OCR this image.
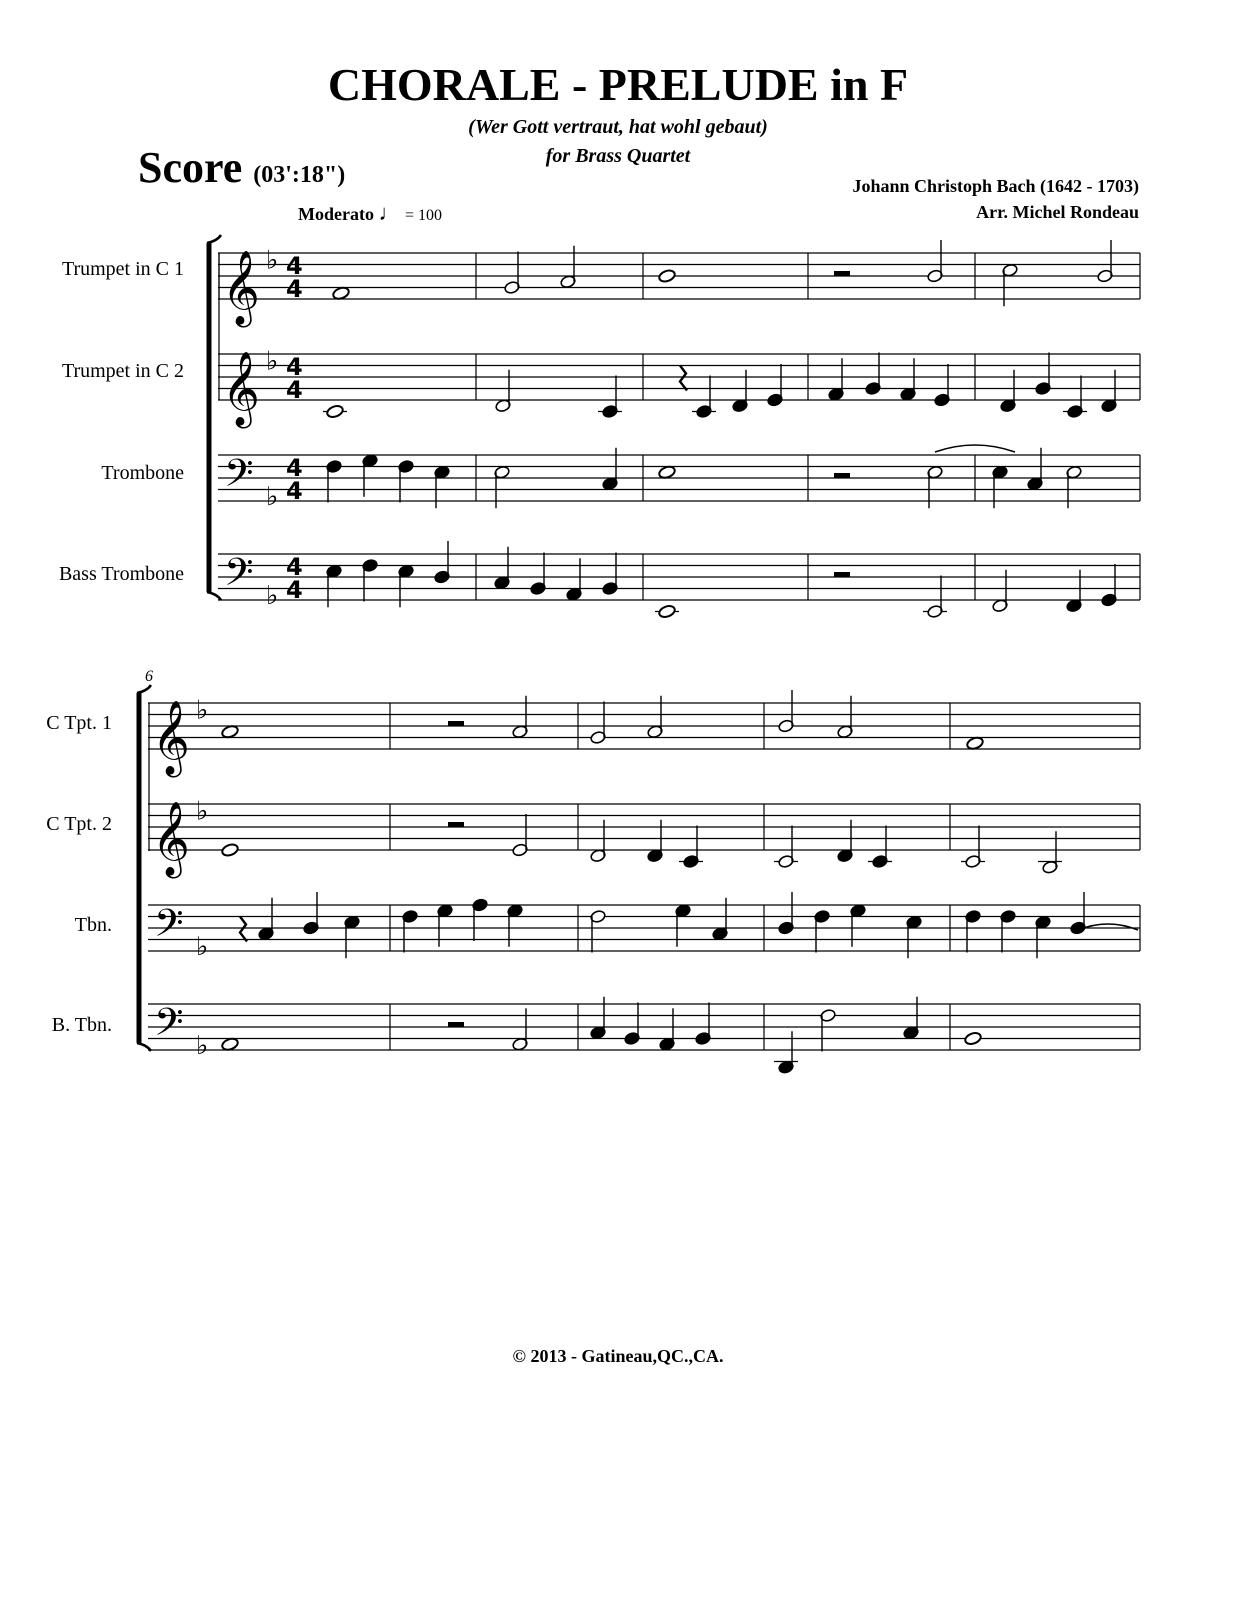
CHORALE - PRELUDE in F
(Wer Gott vertraut, hat wohl gebaut)
for Brass Quartet
Score (03':18")	Johann Christoph Bach (1642 - 1703)
Arr. Michel Rondeau
Moderato ♩ = 100
Trumpet in C 1
Trumpet in C 2
Trombone
Bass Trombone
6
C Tpt. 1
C Tpt. 2
Tbn.
B. Tbn.
𝄞 ♭ 4
4
𝄞 ♭ 4
4
𝄢 ♭
4
4
𝄢 ♭
4
4
𝄞 ♭
𝄞 ♭
𝄢 ♭
𝄢 ♭
© 2013 - Gatineau,QC.,CA.
